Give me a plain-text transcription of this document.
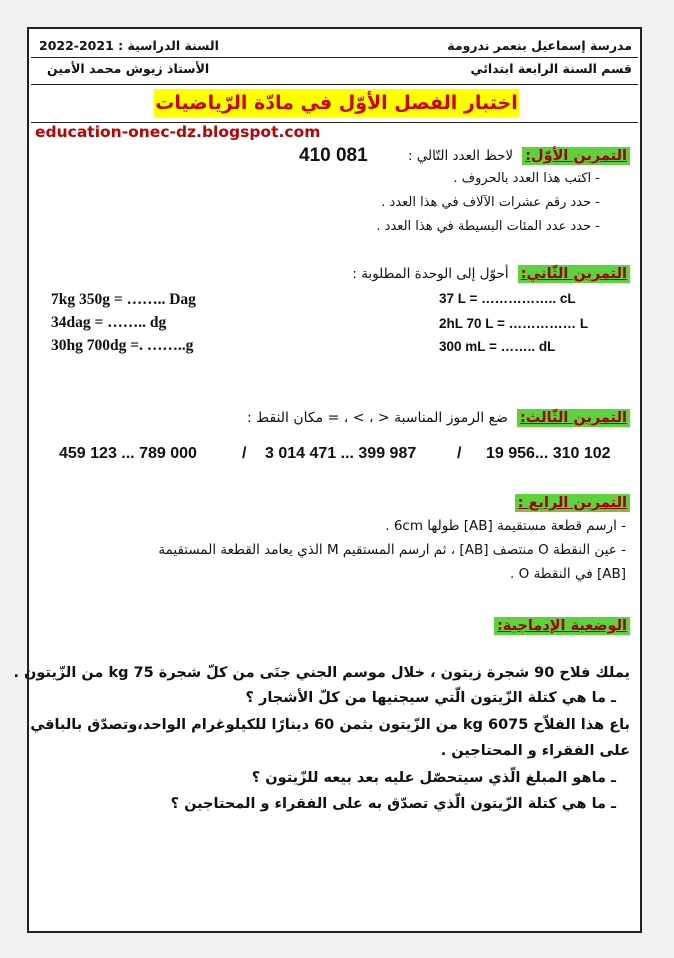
مدرسة إسماعيل بنعمر ندرومة
قسم السنة الرابعة ابتدائي
2022-2021 السنة الدراسية :
الأستاذ زيوش محمد الأمين
اختبار الفصل الأوّل في مادّة الرّياضيات
education-onec-dz.blogspot.com
التمرين الأوّل: لاحظ العدد التّالي :
410 081
- اكتب هذا العدد بالحروف .
- حدد رقم عشرات الآلاف في هذا العدد .
- حدد عدد المئات البسيطة في هذا العدد .
التمرين الثّاني: أحوّل إلى الوحدة المطلوبة :
7kg 350g = …….. Dag
34dag = …….. dg
30hg 700dg =. ……..g
37 L = …………….. cL
2hL 70 L = …………… L
300 mL = …….. dL
التمرين الثّالث: ضع الرموز المناسبة < ، > ، = مكان النقط :
459 123 ... 789 000	/ 3 014 471 ... 399 987	/ 19 956... 310 102
التمرين الرابع :
- ارسم قطعة مستقيمة [AB] طولها 6cm .
- عين النقطة O منتصف [AB] ، ثم ارسم المستقيم M الذي يعامد القطعة المستقيمة
[AB] في النقطة O .
الوضعية الإدماجية:
يملك فلاح 90 شجرة زيتون ، خلال موسم الجني جنَى من كلّ شجرة 75 kg من الزّيتون .
ـ ما هي كتلة الزّيتون الّتي سيجنيها من كلّ الأشجار ؟
باع هذا الفلاّح 6075 kg من الزّيتون بثمن 60 دينارًا للكيلوغرام الواحد،وتصدّق بالباقي
على الفقراء و المحتاجين .
ـ ماهو المبلغ الّذي سيتحصّل عليه بعد بيعه للزّيتون ؟
ـ ما هي كتلة الزّيتون الّذي تصدّق به على الفقراء و المحتاجين ؟
